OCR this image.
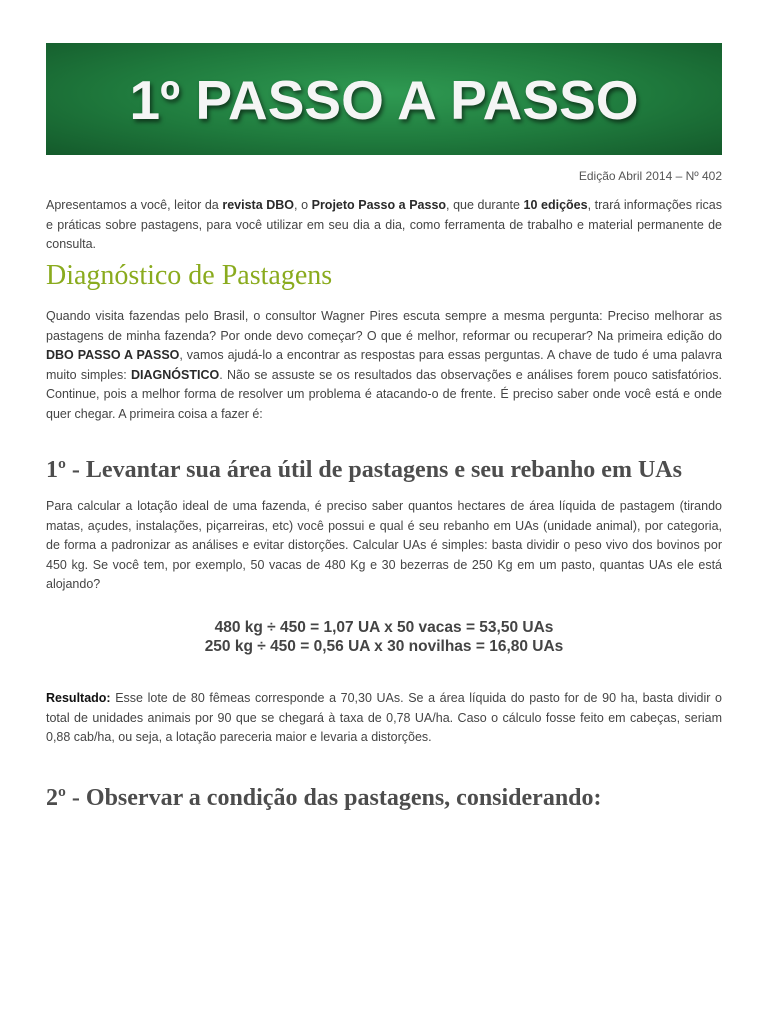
1º PASSO A PASSO
Edição Abril 2014 – Nº 402
Apresentamos a você, leitor da revista DBO, o Projeto Passo a Passo, que durante 10 edições, trará informações ricas e práticas sobre pastagens, para você utilizar em seu dia a dia, como ferramenta de trabalho e material permanente de consulta.
Diagnóstico de Pastagens
Quando visita fazendas pelo Brasil, o consultor Wagner Pires escuta sempre a mesma pergunta: Preciso melhorar as pastagens de minha fazenda? Por onde devo começar? O que é melhor, reformar ou recuperar? Na primeira edição do DBO PASSO A PASSO, vamos ajudá-lo a encontrar as respostas para essas perguntas. A chave de tudo é uma palavra muito simples: DIAGNÓSTICO. Não se assuste se os resultados das observações e análises forem pouco satisfatórios. Continue, pois a melhor forma de resolver um problema é atacando-o de frente. É preciso saber onde você está e onde quer chegar. A primeira coisa a fazer é:
1º - Levantar sua área útil de pastagens e seu rebanho em UAs
Para calcular a lotação ideal de uma fazenda, é preciso saber quantos hectares de área líquida de pastagem (tirando matas, açudes, instalações, piçarreiras, etc) você possui e qual é seu rebanho em UAs (unidade animal), por categoria, de forma a padronizar as análises e evitar distorções. Calcular UAs é simples: basta dividir o peso vivo dos bovinos por 450 kg. Se você tem, por exemplo, 50 vacas de 480 Kg e 30 bezerras de 250 Kg em um pasto, quantas UAs ele está alojando?
480 kg ÷ 450 = 1,07 UA x 50 vacas = 53,50 UAs
250 kg ÷ 450 = 0,56 UA x 30 novilhas = 16,80 UAs
Resultado: Esse lote de 80 fêmeas corresponde a 70,30 UAs. Se a área líquida do pasto for de 90 ha, basta dividir o total de unidades animais por 90 que se chegará à taxa de 0,78 UA/ha. Caso o cálculo fosse feito em cabeças, seriam 0,88 cab/ha, ou seja, a lotação pareceria maior e levaria a distorções.
2º - Observar a condição das pastagens, considerando:
